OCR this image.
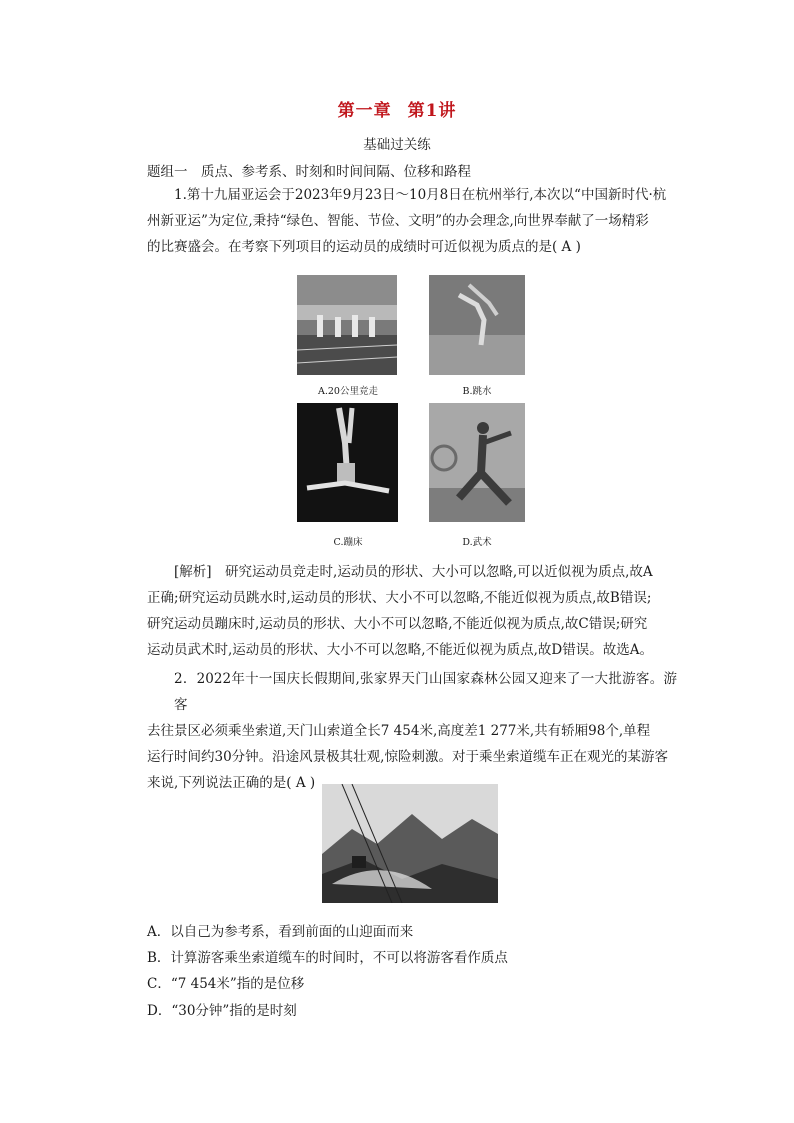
第一章 第1讲
基础过关练
题组一　质点、参考系、时刻和时间间隔、位移和路程
1.第十九届亚运会于2023年9月23日～10月8日在杭州举行,本次以“中国新时代·杭
州新亚运”为定位,秉持“绿色、智能、节俭、文明”的办会理念,向世界奉献了一场精彩
的比赛盛会。在考察下列项目的运动员的成绩时可近似视为质点的是( A )
A.20公里竞走	B.跳水
C.蹦床	D.武术
[解析]　 研究运动员竞走时,运动员的形状、大小可以忽略,可以近似视为质点,故A
正确;研究运动员跳水时,运动员的形状、大小不可以忽略,不能近似视为质点,故B错误;
研究运动员蹦床时,运动员的形状、大小不可以忽略,不能近似视为质点,故C错误;研究
运动员武术时,运动员的形状、大小不可以忽略,不能近似视为质点,故D错误。故选A。
2．2022年十一国庆长假期间,张家界天门山国家森林公园又迎来了一大批游客。游客
去往景区必须乘坐索道,天门山索道全长7 454米,高度差1 277米,共有轿厢98个,单程
运行时间约30分钟。沿途风景极其壮观,惊险刺激。对于乘坐索道缆车正在观光的某游客
来说,下列说法正确的是( A )
A．以自己为参考系，看到前面的山迎面而来
B．计算游客乘坐索道缆车的时间时，不可以将游客看作质点
C．“7 454米”指的是位移
D．“30分钟”指的是时刻
